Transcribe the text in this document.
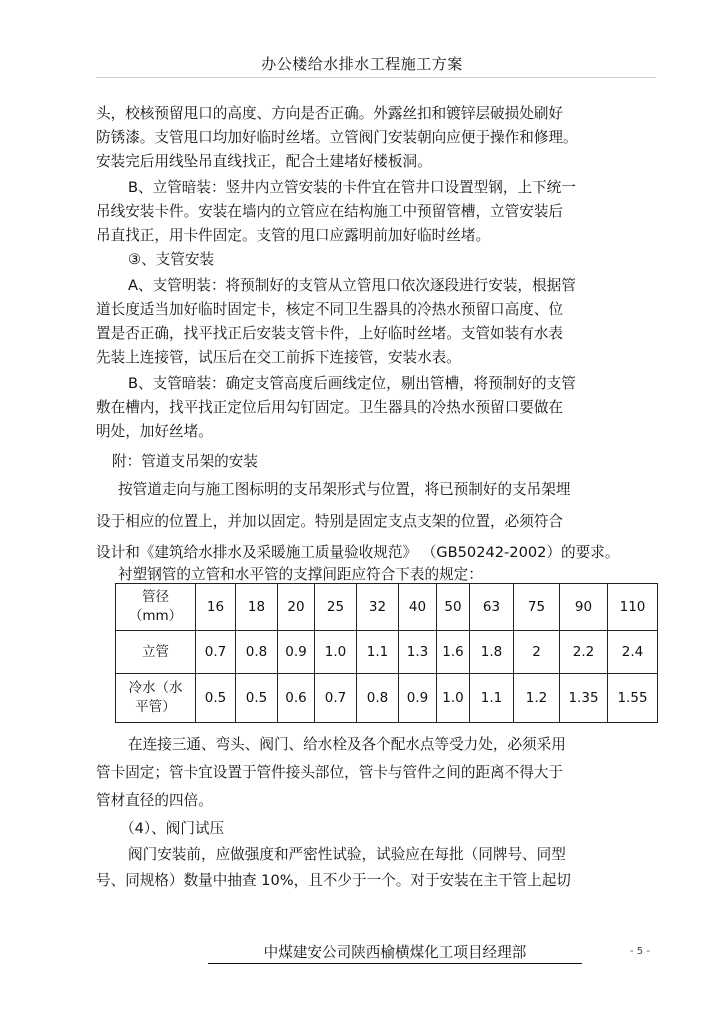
办公楼给水排水工程施工方案
头，校核预留甩口的高度、方向是否正确。外露丝扣和镀锌层破损处刷好
防锈漆。支管甩口均加好临时丝堵。立管阀门安装朝向应便于操作和修理。
安装完后用线坠吊直线找正，配合土建堵好楼板洞。
B、立管暗装：竖井内立管安装的卡件宜在管井口设置型钢，上下统一
吊线安装卡件。安装在墙内的立管应在结构施工中预留管槽，立管安装后
吊直找正，用卡件固定。支管的甩口应露明前加好临时丝堵。
③、支管安装
A、支管明装：将预制好的支管从立管甩口依次逐段进行安装，根据管
道长度适当加好临时固定卡，核定不同卫生器具的冷热水预留口高度、位
置是否正确，找平找正后安装支管卡件，上好临时丝堵。支管如装有水表
先装上连接管，试压后在交工前拆下连接管，安装水表。
B、支管暗装：确定支管高度后画线定位，剔出管槽，将预制好的支管
敷在槽内，找平找正定位后用勾钉固定。卫生器具的冷热水预留口要做在
明处，加好丝堵。
附：管道支吊架的安装
按管道走向与施工图标明的支吊架形式与位置，将已预制好的支吊架埋
设于相应的位置上，并加以固定。特别是固定支点支架的位置，必须符合
设计和《建筑给水排水及采暖施工质量验收规范》 （GB50242-2002）的要求。
衬塑钢管的立管和水平管的支撑间距应符合下表的规定：
管径
（mm）	16	18	20	25	32	40	50	63	75	90	110
立管	0.7	0.8	0.9	1.0	1.1	1.3	1.6	1.8	2	2.2	2.4

冷水（水
平管）	0.5	0.5	0.6	0.7	0.8	0.9	1.0	1.1	1.2	1.35	1.55
在连接三通、弯头、阀门、给水栓及各个配水点等受力处，必须采用
管卡固定；管卡宜设置于管件接头部位，管卡与管件之间的距离不得大于
管材直径的四倍。
（4）、阀门试压
阀门安装前，应做强度和严密性试验，试验应在每批（同牌号、同型
号、同规格）数量中抽查 10%，且不少于一个。对于安装在主干管上起切
中煤建安公司陕西榆横煤化工项目经理部	- 5 -
